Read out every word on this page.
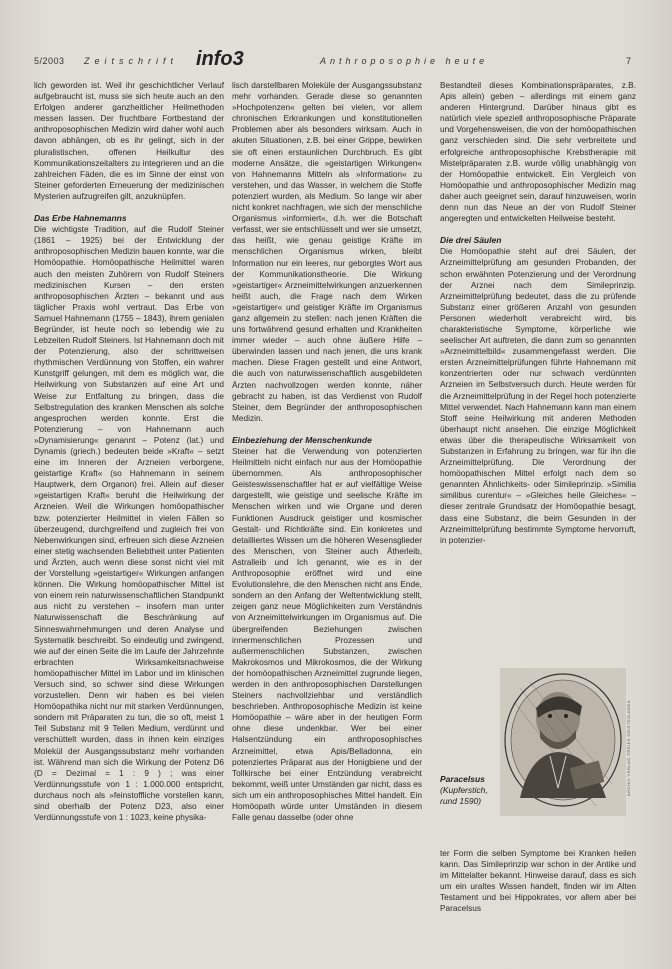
5/2003 Zeitschrift info3	Anthroposophie heute	7

lich geworden ist. Weil ihr geschichtlicher Verlauf aufgebraucht ist, muss sie sich heute auch an den Erfolgen anderer ganzheitlicher Heilmethoden messen lassen. Der fruchtbare Fortbestand der anthroposophischen Medizin wird daher wohl auch davon abhängen, ob es ihr gelingt, sich in der pluralistischen, offenen Heilkultur des Kommunikationszeitalters zu integrieren und an die zahlreichen Fäden, die es im Sinne der einst von Steiner geforderten Erneuerung der medizinischen Mysterien aufzugreifen gilt, anzuknüpfen.

Das Erbe Hahnemanns

Die wichtigste Tradition, auf die Rudolf Steiner (1861 – 1925) bei der Entwicklung der anthroposophischen Medizin bauen konnte, war die Homöopathie. Homöopathische Heilmittel waren auch den meisten Zuhörern von Rudolf Steiners medizinischen Kursen – den ersten anthroposophischen Ärzten – bekannt und aus täglicher Praxis wohl vertraut. Das Erbe von Samuel Hahnemann (1755 – 1843), ihrem genialen Begründer, ist heute noch so lebendig wie zu Lebzeiten Rudolf Steiners. Ist Hahnemann doch mit der Potenzierung, also der schrittweisen rhythmischen Verdünnung von Stoffen, ein wahrer Kunstgriff gelungen, mit dem es möglich war, die Heilwirkung von Substanzen auf eine Art und Weise zur Entfaltung zu bringen, dass die Selbstregulation des kranken Menschen als solche angesprochen werden konnte. Erst die Potenzierung – von Hahnemann auch »Dynamisierung« genannt – Potenz (lat.) und Dynamis (griech.) bedeuten beide »Kraft« – setzt eine im Inneren der Arzneien verborgene, geistartige Kraft« (so Hahnemann in seinem Hauptwerk, dem Organon) frei. Allein auf dieser »geistartigen Kraft« beruht die Heilwirkung der Arzneien. Weil die Wirkungen homöopathischer bzw. potenzierter Heilmittel in vielen Fällen so überzeugend, durchgreifend und zugleich frei von Nebenwirkungen sind, erfreuen sich diese Arzneien einer stetig wachsenden Beliebtheit unter Patienten und Ärzten, auch wenn diese sonst nicht viel mit der Vorstellung »geistartiger« Wirkungen anfangen können. Die Wirkung homöopathischer Mittel ist von einem rein naturwissenschaftlichen Standpunkt aus nicht zu verstehen – insofern man unter Naturwissenschaft die Beschränkung auf Sinneswahrnehmungen und deren Analyse und Systematik beschreibt. So eindeutig und zwingend, wie auf der einen Seite die im Laufe der Jahrzehnte erbrachten Wirksamkeitsnachweise homöopathischer Mittel im Labor und im klinischen Versuch sind, so schwer sind diese Wirkungen vorzustellen. Denn wir haben es bei vielen Homöopathika nicht nur mit starken Verdünnungen, sondern mit Präparaten zu tun, die so oft, meist 1 Teil Substanz mit 9 Teilen Medium, verdünnt und verschüttelt wurden, dass in ihnen kein einziges Molekül der Ausgangssubstanz mehr vorhanden ist. Während man sich die Wirkung der Potenz D6 (D = Dezimal = 1 : 9 ) ; was einer Verdünnungsstufe von 1 : 1.000.000 entspricht, durchaus noch als »feinstoffliche vorstellen kann, sind oberhalb der Potenz D23, also einer Verdünnungsstufe von 1 : 1023, keine physika-

lisch darstellbaren Moleküle der Ausgangssubstanz mehr vorhanden. Gerade diese so genannten »Hochpotenzen« gelten bei vielen, vor allem chronischen Erkrankungen und konstitutionellen Problemen aber als besonders wirksam. Auch in akuten Situationen, z.B. bei einer Grippe, bewirken sie oft einen erstaunlichen Durchbruch. Es gibt moderne Ansätze, die »geistartigen Wirkungen« von Hahnemanns Mitteln als »Information« zu verstehen, und das Wasser, in welchem die Stoffe potenziert wurden, als Medium. So lange wir aber nicht konkret nachfragen, wie sich der menschliche Organismus »informiert«, d.h. wer die Botschaft verfasst, wer sie entschlüsselt und wer sie umsetzt, das heißt, wie genau geistige Kräfte im menschlichen Organismus wirken, bleibt Information nur ein leeres, nur geborgtes Wort aus der Kommunikationstheorie. Die Wirkung »geistartiger« Arzneimittelwirkungen anzuerkennen heißt auch, die Frage nach dem Wirken »geistartiger« und geistiger Kräfte im Organismus ganz allgemein zu stellen: nach jenen Kräften die uns fortwährend gesund erhalten und Krankheiten immer wieder – auch ohne äußere Hilfe – überwinden lassen und nach jenen, die uns krank machen. Diese Fragen gestellt und eine Antwort, die auch von naturwissenschaftlich ausgebildeten Ärzten nachvollzogen werden konnte, näher gebracht zu haben, ist das Verdienst von Rudolf Steiner, dem Begründer der anthroposophischen Medizin.

Einbeziehung der Menschenkunde

Steiner hat die Verwendung von potenzierten Heilmitteln nicht einfach nur aus der Homöopathie übernommen. Als anthroposophischer Geisteswissenschaftler hat er auf vielfältige Weise dargestellt, wie geistige und seelische Kräfte im Menschen wirken und wie Organe und deren Funktionen Ausdruck geistiger und kosmischer Gestalt- und Richtkräfte sind. Ein konkretes und detailliertes Wissen um die höheren Wesensglieder des Menschen, von Steiner auch Ätherleib, Astralleib und Ich genannt, wie es in der Anthroposophie eröffnet wird und eine Evolutionslehre, die den Menschen nicht ans Ende, sondern an den Anfang der Weltentwicklung stellt, zeigen ganz neue Möglichkeiten zum Verständnis von Arzneimittelwirkungen im Organismus auf. Die übergreifenden Beziehungen zwischen innermenschlichen Prozessen und außermenschlichen Substanzen, zwischen Makrokosmos und Mikrokosmos, die der Wirkung der homöopathischen Arzneimittel zugrunde liegen, werden in den anthroposophischen Darstellungen Steiners nachvollziehbar und verständlich beschrieben. Anthroposophische Medizin ist keine Homöopathie – wäre aber in der heutigen Form ohne diese undenkbar. Wer bei einer Halsentzündung ein anthroposophisches Arzneimittel, etwa Apis/Belladonna, ein potenziertes Präparat aus der Honigbiene und der Tollkirsche bei einer Entzündung verabreicht bekommt, weiß unter Umständen gar nicht, dass es sich um ein anthroposophisches Mittel handelt. Ein Homöopath würde unter Umständen in diesem Falle genau dasselbe (oder ohne

Bestandteil dieses Kombinationspräparates, z.B. Apis allein) geben – allerdings mit einem ganz anderen Hintergrund. Darüber hinaus gibt es natürlich viele speziell anthroposophische Präparate und Vorgehensweisen, die von der homöopathischen ganz verschieden sind. Die sehr verbreitete und erfolgreiche anthroposophische Krebstherapie mit Mistelpräparaten z.B. wurde völlig unabhängig von der Homöopathie entwickelt. Ein Vergleich von Homöopathie und anthroposophischer Medizin mag daher auch geeignet sein, darauf hinzuweisen, worin denn nun das Neue an der von Rudolf Steiner angeregten und entwickelten Heilweise besteht.

Die drei Säulen

Die Homöopathie steht auf drei Säulen, der Arzneimittelprüfung am gesunden Probanden, der schon erwähnten Potenzierung und der Verordnung der Arznei nach dem Simileprinzip. Arzneimittelprüfung bedeutet, dass die zu prüfende Substanz einer größeren Anzahl von gesunden Personen wiederholt verabreicht wird, bis charakteristische Symptome, körperliche wie seelischer Art auftreten, die dann zum so genannten »Arzneimittelbild« zusammengefasst werden. Die ersten Arzneimittelprüfungen führte Hahnemann mit konzentrierten oder nur schwach verdünnten Arzneien im Selbstversuch durch. Heute werden für die Arzneimittelprüfung in der Regel hoch potenzierte Mittel verwendet. Nach Hahnemann kann man einem Stoff seine Heilwirkung mit anderen Methoden überhaupt nicht ansehen. Die einzige Möglichkeit etwas über die therapeutische Wirksamkeit von Substanzen in Erfahrung zu bringen, war für ihn die Arzneimittelprüfung. Die Verordnung der homöopathischen Mittel erfolgt nach dem so genannten Ähnlichkeits- oder Simileprinzip. »Similia similibus curentur« – »Gleiches heile Gleiches« – dieser zentrale Grundsatz der Homöopathie besagt, dass eine Substanz, die beim Gesunden in der Arzneimittelprüfung bestimmte Symptome hervorruft, in potenzier-

ARCHIV VERLAG FREIES GEISTESLEBEN
Paracelsus
(Kupferstich, rund 1590)

ter Form die selben Symptome bei Kranken heilen kann. Das Simileprinzip war schon in der Antike und im Mittelalter bekannt. Hinweise darauf, dass es sich um ein uraltes Wissen handelt, finden wir im Alten Testament und bei Hippokrates, vor allem aber bei Paracelsus
